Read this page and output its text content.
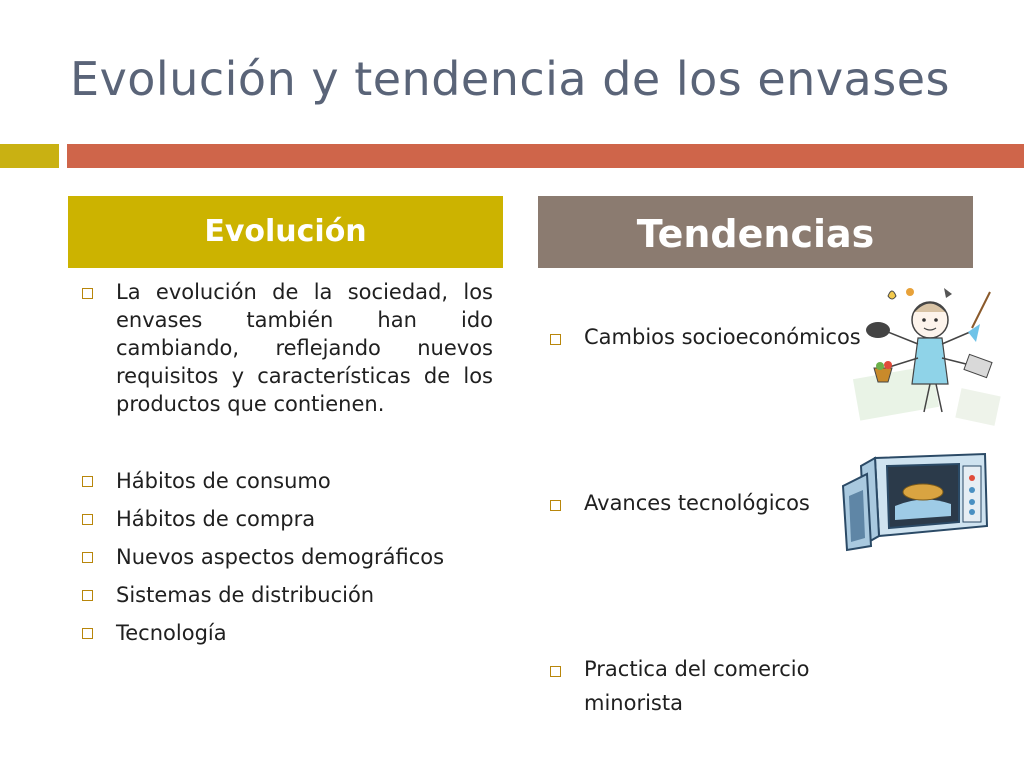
Evolución y tendencia de los envases
Evolución	Tendencias
La evolución de la sociedad, los envases también han ido cambiando, reflejando nuevos requisitos y características de los productos que contienen.
Hábitos de consumo
Hábitos de compra
Nuevos aspectos demográficos
Sistemas de distribución
Tecnología
Cambios socioeconómicos
Avances tecnológicos
Practica del comercio minorista
